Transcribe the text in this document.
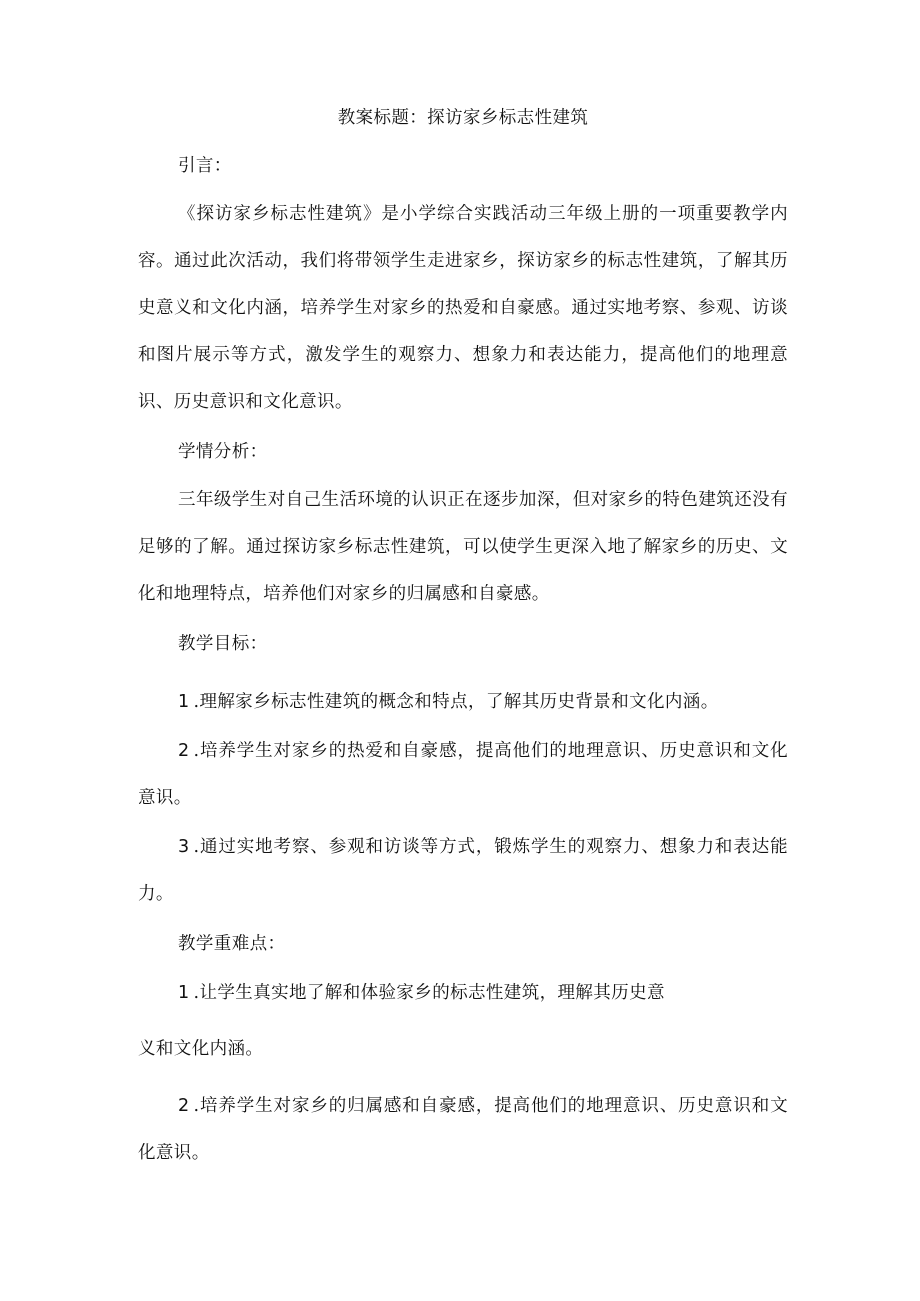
教案标题：探访家乡标志性建筑
引言：

《探访家乡标志性建筑》是小学综合实践活动三年级上册的一项重要教学内容。通过此次活动，我们将带领学生走进家乡，探访家乡的标志性建筑，了解其历史意义和文化内涵，培养学生对家乡的热爱和自豪感。通过实地考察、参观、访谈和图片展示等方式，激发学生的观察力、想象力和表达能力，提高他们的地理意识、历史意识和文化意识。

学情分析：

三年级学生对自己生活环境的认识正在逐步加深，但对家乡的特色建筑还没有足够的了解。通过探访家乡标志性建筑，可以使学生更深入地了解家乡的历史、文化和地理特点，培养他们对家乡的归属感和自豪感。

教学目标：

1 .理解家乡标志性建筑的概念和特点，了解其历史背景和文化内涵。

2 .培养学生对家乡的热爱和自豪感，提高他们的地理意识、历史意识和文化意识。

3 .通过实地考察、参观和访谈等方式，锻炼学生的观察力、想象力和表达能力。

教学重难点：
1 .让学生真实地了解和体验家乡的标志性建筑，理解其历史意
义和文化内涵。

2 .培养学生对家乡的归属感和自豪感，提高他们的地理意识、历史意识和文化意识。
